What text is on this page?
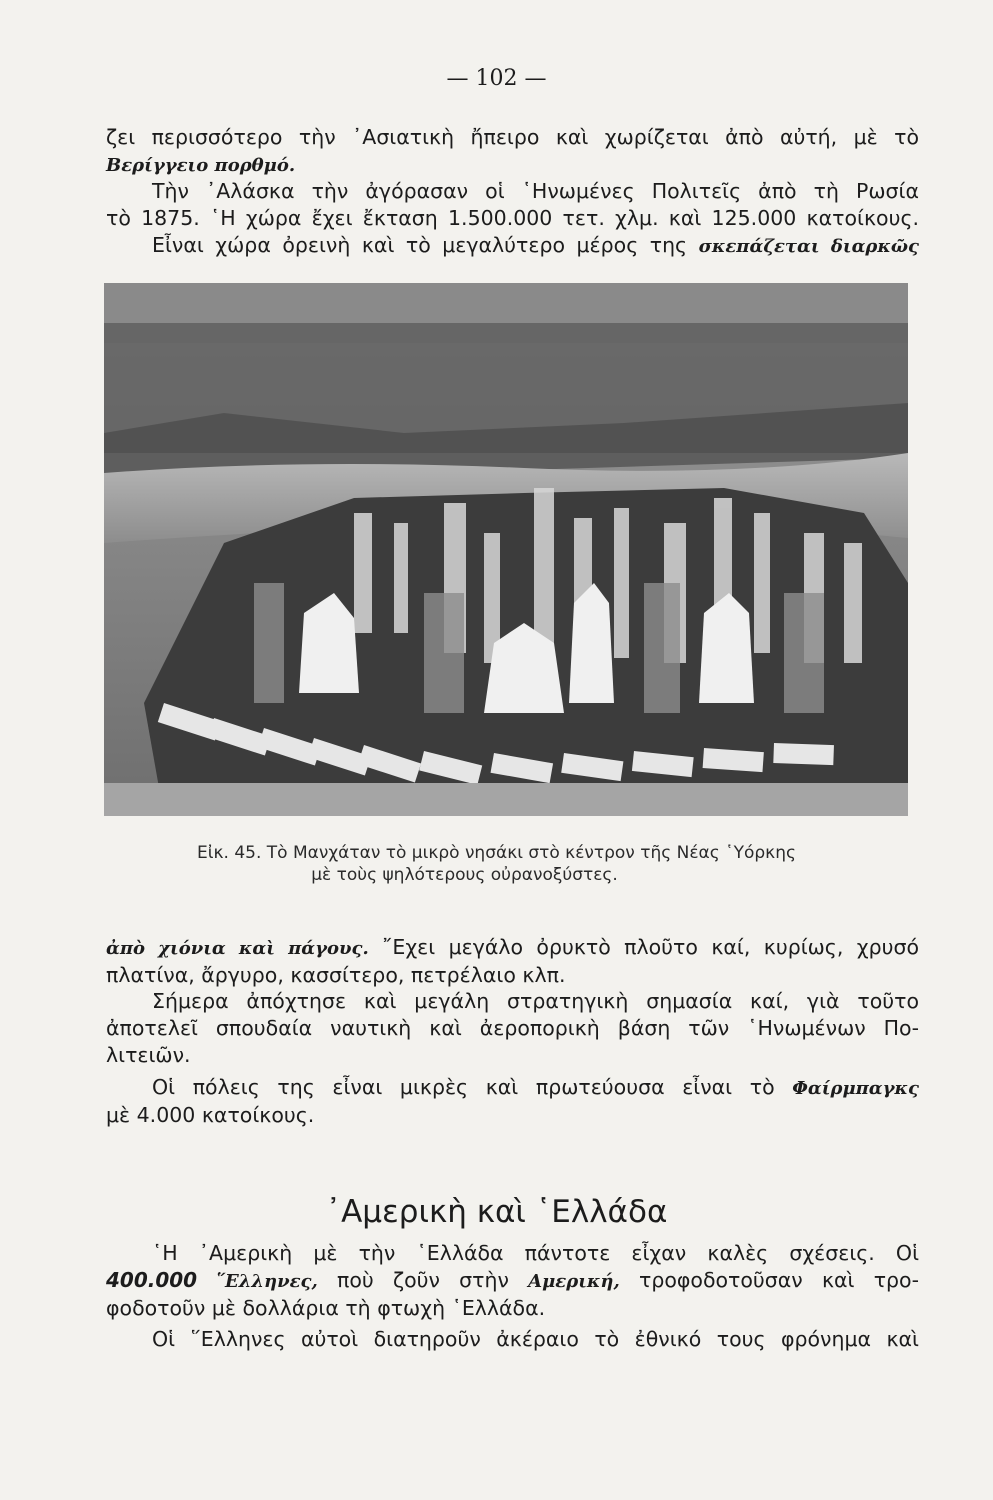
— 102 —

ζει περισσότερο τὴν ᾿Ασιατικὴ ἤπειρο καὶ χωρίζεται ἀπὸ αὐτή, μὲ τὸ
Βερίγγειο πορθμό.

Τὴν ᾿Αλάσκα τὴν ἀγόρασαν οἱ ῾Ηνωμένες Πολιτεῖς ἀπὸ τὴ Ρωσία
τὸ 1875. ῾Η χώρα ἔχει ἔκταση 1.500.000 τετ. χλμ. καὶ 125.000 κατοίκους.

Εἶναι χώρα ὀρεινὴ καὶ τὸ μεγαλύτερο μέρος της σκεπάζεται διαρκῶς

Εἰκ. 45. Τὸ Μανχάταν τὸ μικρὸ νησάκι στὸ κέντρον τῆς Νέας ῾Υόρκης

μὲ τοὺς ψηλότερους οὐρανοξύστες.

ἀπὸ χιόνια καὶ πάγους. ῎Εχει μεγάλο ὀρυκτὸ πλοῦτο καί, κυρίως, χρυσό
πλατίνα, ἄργυρο, κασσίτερο, πετρέλαιο κλπ.

Σήμερα ἀπόχτησε καὶ μεγάλη στρατηγικὴ σημασία καί, γιὰ τοῦτο
ἀποτελεῖ σπουδαία ναυτικὴ καὶ ἀεροπορικὴ βάση τῶν ῾Ηνωμένων Πο-
λιτειῶν.

Οἱ πόλεις της εἶναι μικρὲς καὶ πρωτεύουσα εἶναι τὸ Φαίρμπαγκς
μὲ 4.000 κατοίκους.

᾿Αμερικὴ καὶ ῾Ελλάδα

῾Η ᾿Αμερικὴ μὲ τὴν ῾Ελλάδα πάντοτε εἶχαν καλὲς σχέσεις. Οἱ
400.000 ῞Ελληνες, ποὺ ζοῦν στὴν Αμερική, τροφοδοτοῦσαν καὶ τρο-
φοδοτοῦν μὲ δολλάρια τὴ φτωχὴ ῾Ελλάδα.

Οἱ ῞Ελληνες αὐτοὶ διατηροῦν ἀκέραιο τὸ ἐθνικό τους φρόνημα καὶ
